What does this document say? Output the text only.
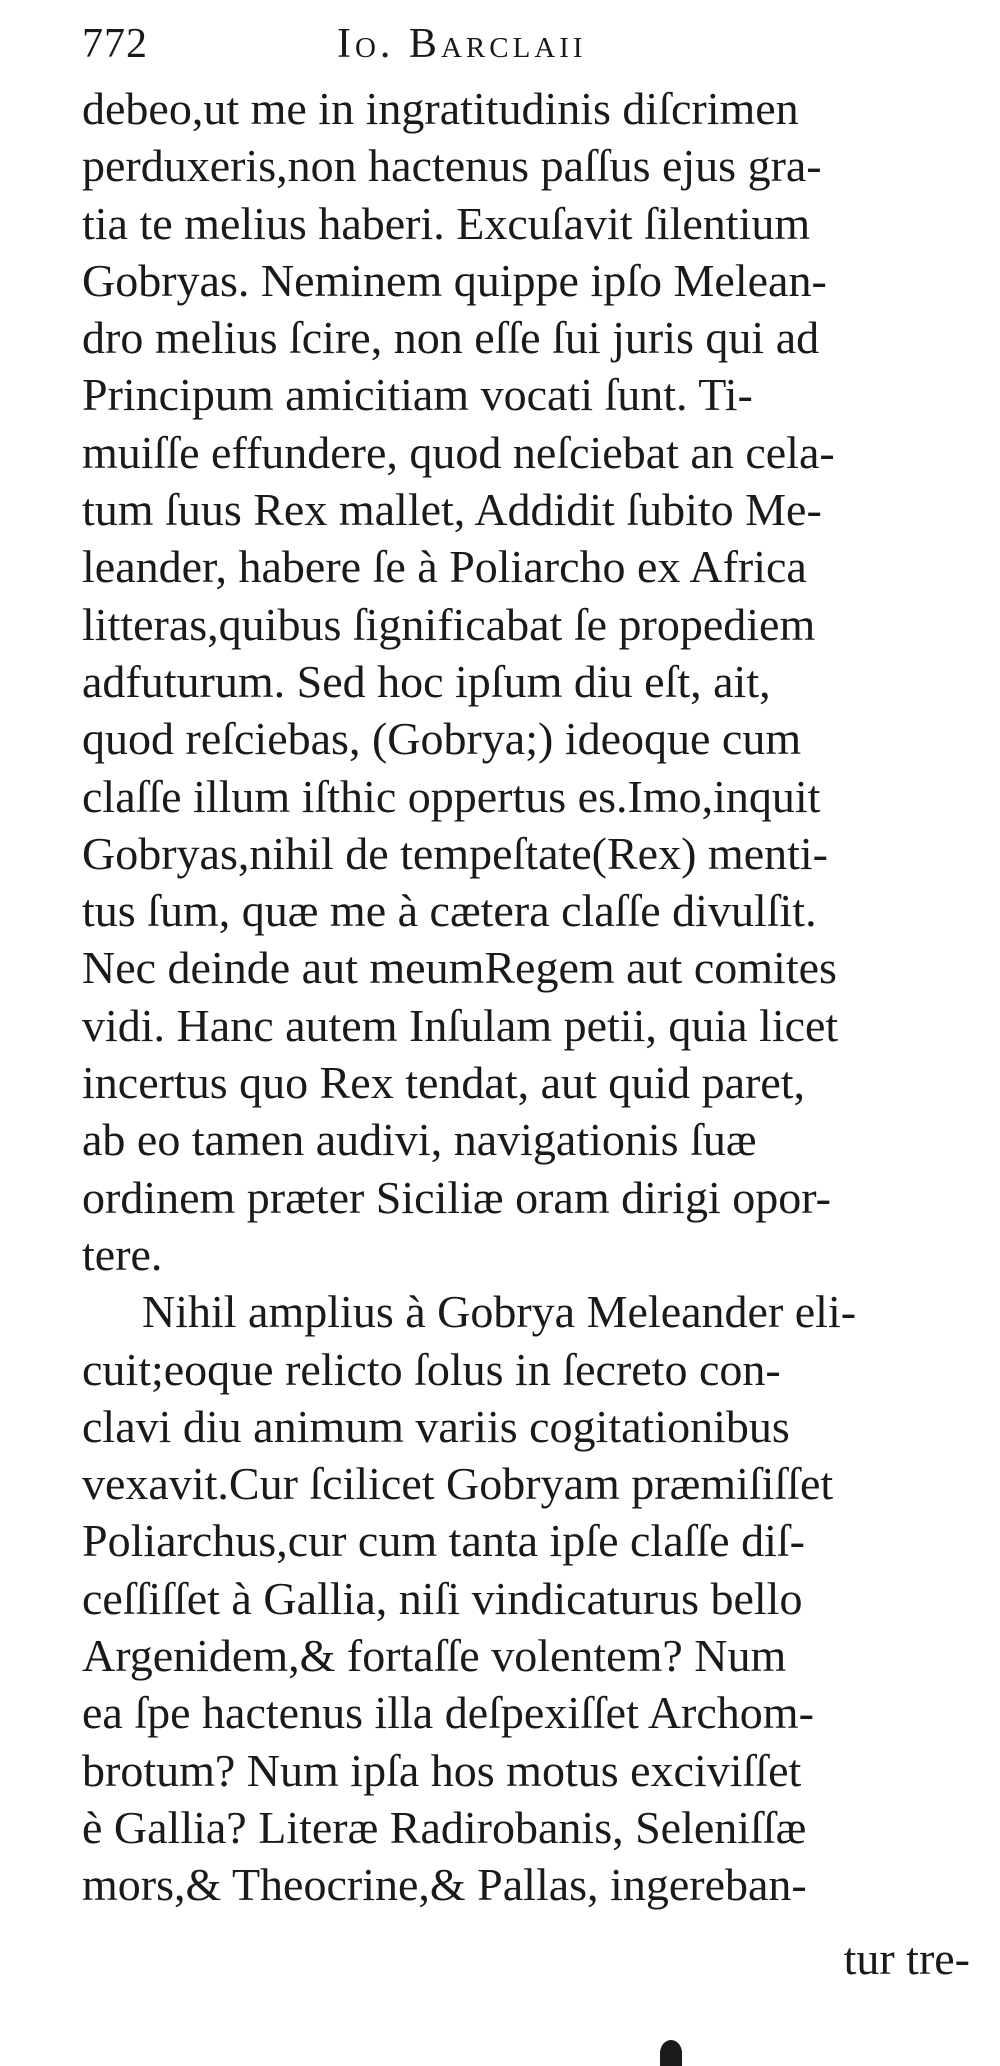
772	Io. Barclaii
debeo,ut me in ingratitudinis diſcrimen
perduxeris,non hactenus paſſus ejus gra-
tia te melius haberi. Excuſavit ſilentium
Gobryas. Neminem quippe ipſo Melean-
dro melius ſcire, non eſſe ſui juris qui ad
Principum amicitiam vocati ſunt. Ti-
muiſſe effundere, quod neſciebat an cela-
tum ſuus Rex mallet, Addidit ſubito Me-
leander, habere ſe à Poliarcho ex Africa
litteras,quibus ſignificabat ſe propediem
adfuturum. Sed hoc ipſum diu eſt, ait,
quod reſciebas, (Gobrya;) ideoque cum
claſſe illum iſthic oppertus es.Imo,inquit
Gobryas,nihil de tempeſtate(Rex) menti-
tus ſum, quæ me à cætera claſſe divulſit.
Nec deinde aut meumRegem aut comites
vidi. Hanc autem Inſulam petii, quia licet
incertus quo Rex tendat, aut quid paret,
ab eo tamen audivi, navigationis ſuæ
ordinem præter Siciliæ oram dirigi opor-
tere.
Nihil amplius à Gobrya Meleander eli-
cuit;eoque relicto ſolus in ſecreto con-
clavi diu animum variis cogitationibus
vexavit.Cur ſcilicet Gobryam præmiſiſſet
Poliarchus,cur cum tanta ipſe claſſe diſ-
ceſſiſſet à Gallia, niſi vindicaturus bello
Argenidem,& fortaſſe volentem? Num
ea ſpe hactenus illa deſpexiſſet Archom-
brotum? Num ipſa hos motus exciviſſet
è Gallia? Literæ Radirobanis, Seleniſſæ
mors,& Theocrine,& Pallas, ingereban-
tur tre-
